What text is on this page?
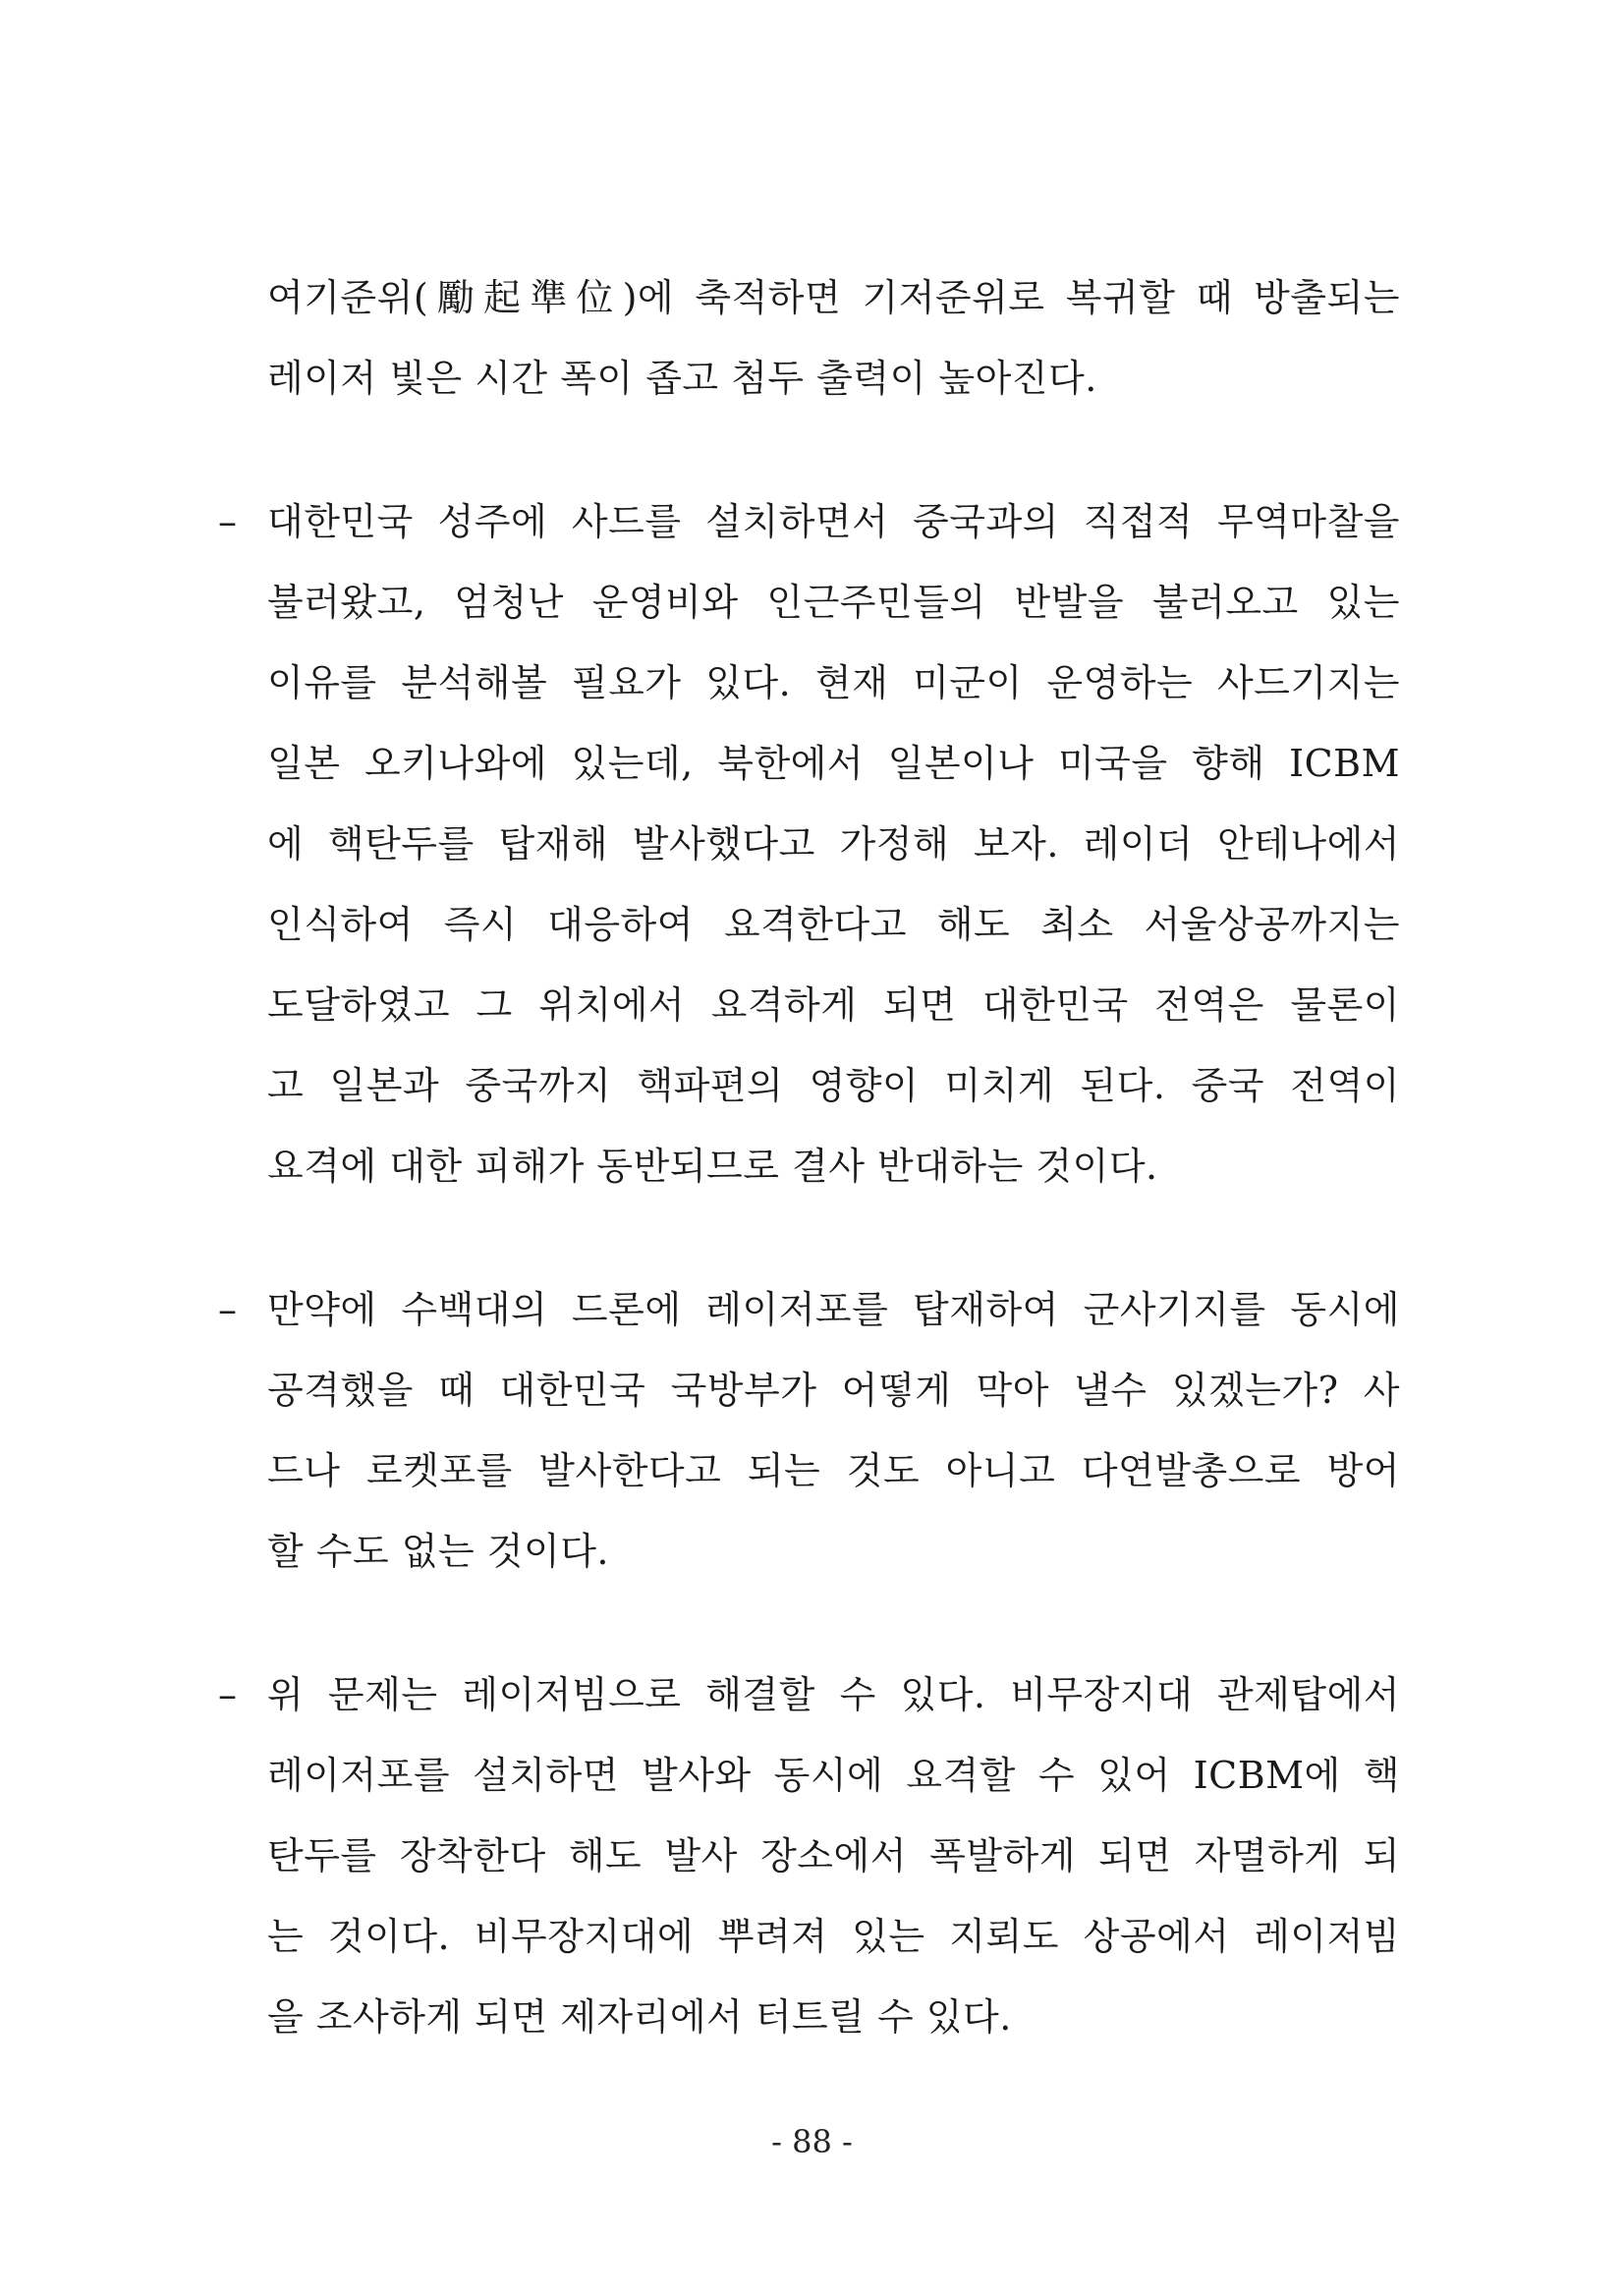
여기준위(勵起準位)에 축적하면 기저준위로 복귀할 때 방출되는
레이저 빛은 시간 폭이 좁고 첨두 출력이 높아진다.
– 대한민국 성주에 사드를 설치하면서 중국과의 직접적 무역마찰을
불러왔고, 엄청난 운영비와 인근주민들의 반발을 불러오고 있는
이유를 분석해볼 필요가 있다. 현재 미군이 운영하는 사드기지는
일본 오키나와에 있는데, 북한에서 일본이나 미국을 향해 ICBM
에 핵탄두를 탑재해 발사했다고 가정해 보자. 레이더 안테나에서
인식하여 즉시 대응하여 요격한다고 해도 최소 서울상공까지는
도달하였고 그 위치에서 요격하게 되면 대한민국 전역은 물론이
고 일본과 중국까지 핵파편의 영향이 미치게 된다. 중국 전역이
요격에 대한 피해가 동반되므로 결사 반대하는 것이다.
– 만약에 수백대의 드론에 레이저포를 탑재하여 군사기지를 동시에
공격했을 때 대한민국 국방부가 어떻게 막아 낼수 있겠는가? 사
드나 로켓포를 발사한다고 되는 것도 아니고 다연발총으로 방어
할 수도 없는 것이다.
– 위 문제는 레이저빔으로 해결할 수 있다. 비무장지대 관제탑에서
레이저포를 설치하면 발사와 동시에 요격할 수 있어 ICBM에 핵
탄두를 장착한다 해도 발사 장소에서 폭발하게 되면 자멸하게 되
는 것이다. 비무장지대에 뿌려져 있는 지뢰도 상공에서 레이저빔
을 조사하게 되면 제자리에서 터트릴 수 있다.
- 88 -
